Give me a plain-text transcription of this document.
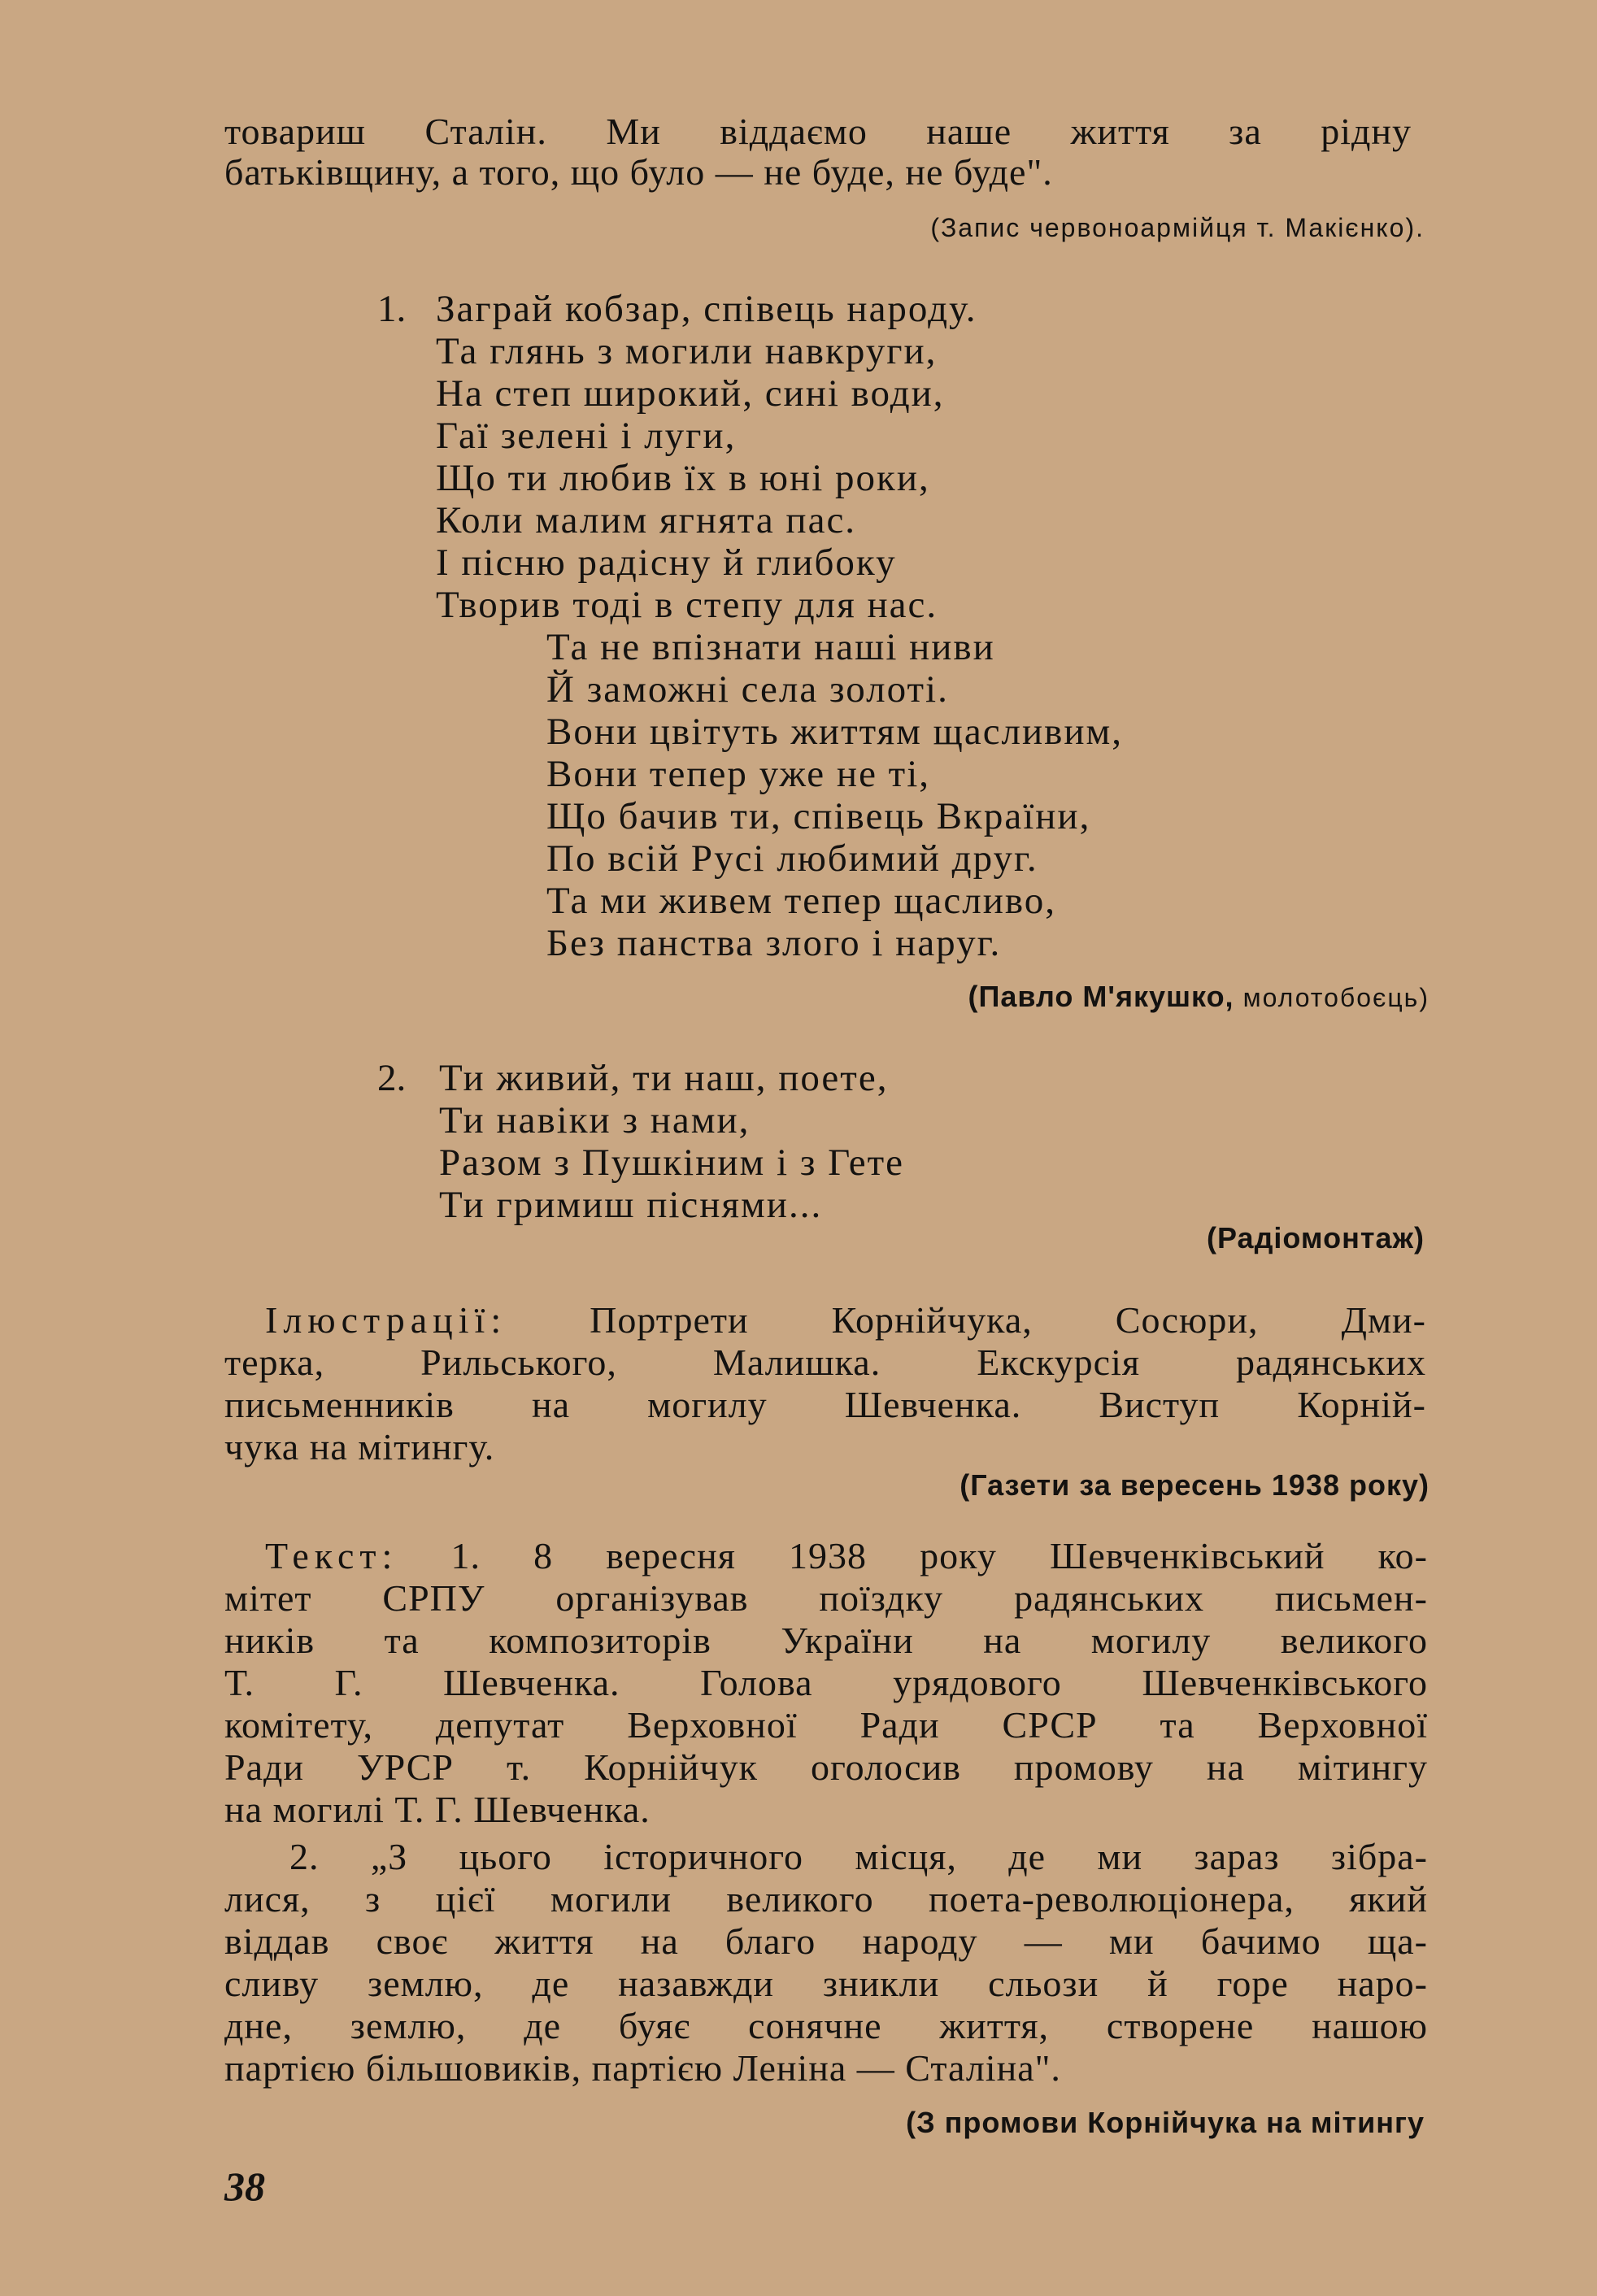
товариш Сталін. Ми віддаємо наше життя за рідну
батьківщину, а того, що було — не буде, не буде".
(Запис червоноармійця т. Макієнко).
1. Заграй кобзар, співець народу.
Та глянь з могили навкруги,
На степ широкий, сині води,
Гаї зелені і луги,
Що ти любив їх в юні роки,
Коли малим ягнята пас.
І пісню радісну й глибоку
Творив тоді в степу для нас.
Та не впізнати наші ниви
Й заможні села золоті.
Вони цвітуть життям щасливим,
Вони тепер уже не ті,
Що бачив ти, співець Вкраїни,
По всій Русі любимий друг.
Та ми живем тепер щасливо,
Без панства злого і наруг.
(Павло М'якушко, молотобоєць)
2. Ти живий, ти наш, поете,
Ти навіки з нами,
Разом з Пушкіним і з Гете
Ти гримиш піснями...
(Радіомонтаж)
Ілюстрації: Портрети Корнійчука, Сосюри, Дми-
терка, Рильського, Малишка. Екскурсія радянських
письменників на могилу Шевченка. Виступ Корній-
чука на мітингу.
(Газети за вересень 1938 року)
Текст: 1. 8 вересня 1938 року Шевченківський ко-
мітет СРПУ організував поїздку радянських письмен-
ників та композиторів України на могилу великого
Т. Г. Шевченка. Голова урядового Шевченківського
комітету, депутат Верховної Ради СРСР та Верховної
Ради УРСР т. Корнійчук оголосив промову на мітингу
на могилі Т. Г. Шевченка.
2. „З цього історичного місця, де ми зараз зібра-
лися, з цієї могили великого поета-революціонера, який
віддав своє життя на благо народу — ми бачимо ща-
сливу землю, де назавжди зникли сльози й горе наро-
дне, землю, де буяє сонячне життя, створене нашою
партією більшовиків, партією Леніна — Сталіна".
(З промови Корнійчука на мітингу
38
